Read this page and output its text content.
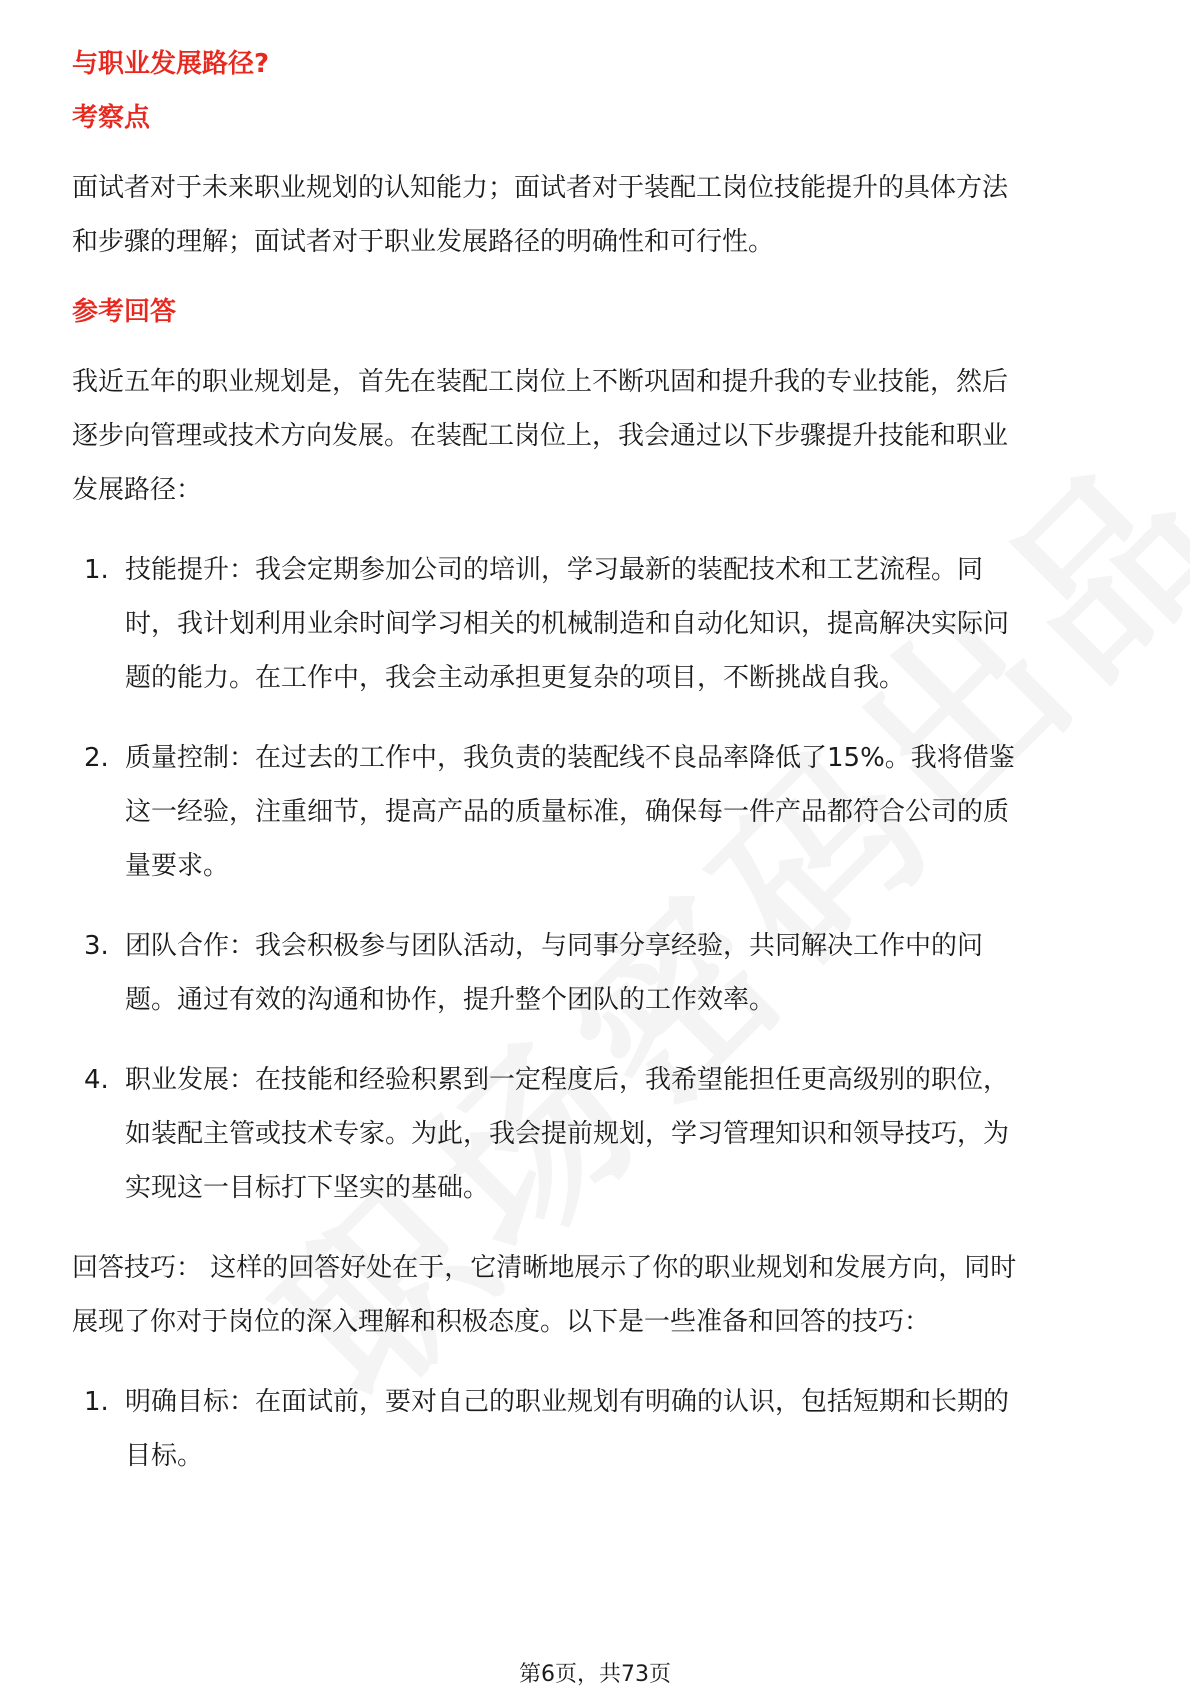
与职业发展路径?
考察点
面试者对于未来职业规划的认知能力；面试者对于装配工岗位技能提升的具体方法
和步骤的理解；面试者对于职业发展路径的明确性和可行性。
参考回答
我近五年的职业规划是，首先在装配工岗位上不断巩固和提升我的专业技能，然后
逐步向管理或技术方向发展。在装配工岗位上，我会通过以下步骤提升技能和职业
发展路径：
1. 技能提升：我会定期参加公司的培训，学习最新的装配技术和工艺流程。同
时，我计划利用业余时间学习相关的机械制造和自动化知识，提高解决实际问
题的能力。在工作中，我会主动承担更复杂的项目，不断挑战自我。
2. 质量控制：在过去的工作中，我负责的装配线不良品率降低了15%。我将借鉴
这一经验，注重细节，提高产品的质量标准，确保每一件产品都符合公司的质
量要求。
3. 团队合作：我会积极参与团队活动，与同事分享经验，共同解决工作中的问
题。通过有效的沟通和协作，提升整个团队的工作效率。
4. 职业发展：在技能和经验积累到一定程度后，我希望能担任更高级别的职位，
如装配主管或技术专家。为此，我会提前规划，学习管理知识和领导技巧，为
实现这一目标打下坚实的基础。
回答技巧： 这样的回答好处在于，它清晰地展示了你的职业规划和发展方向，同时
展现了你对于岗位的深入理解和积极态度。以下是一些准备和回答的技巧：
1. 明确目标：在面试前，要对自己的职业规划有明确的认识，包括短期和长期的
目标。
第6页，共73页
